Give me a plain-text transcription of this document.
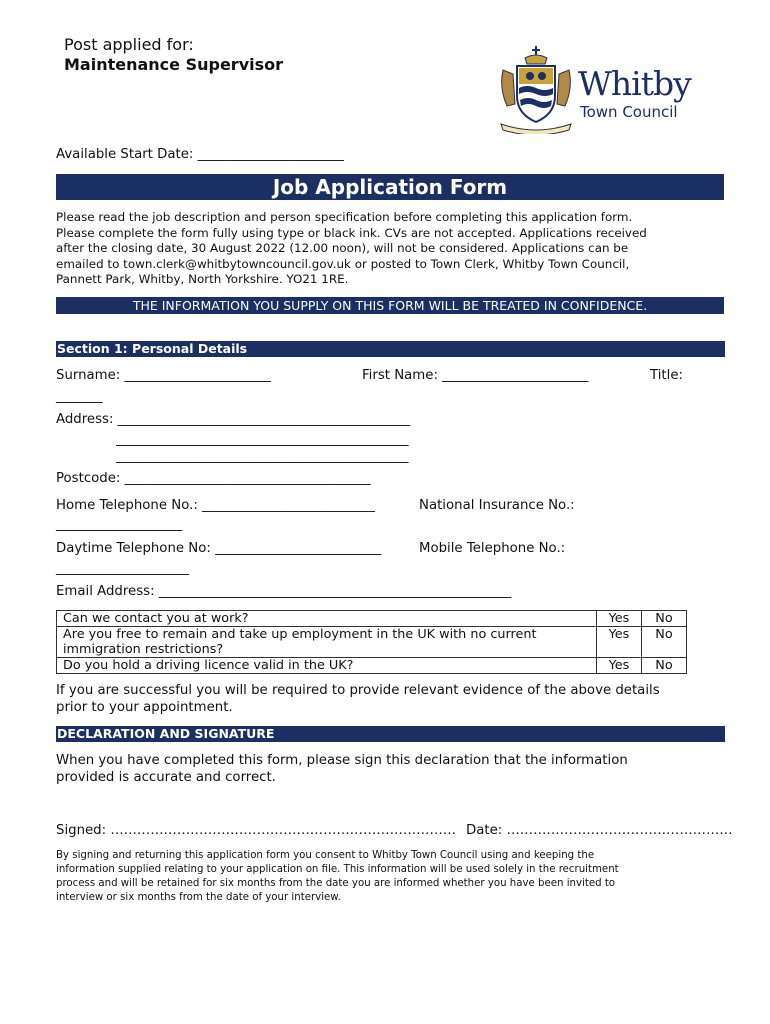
Post applied for:
Maintenance Supervisor	Whitby
Town Council
Available Start Date: ______________________
Job Application Form
Please read the job description and person specification before completing this application form.
Please complete the form fully using type or black ink. CVs are not accepted. Applications received
after the closing date, 30 August 2022 (12.00 noon), will not be considered. Applications can be
emailed to town.clerk@whitbytowncouncil.gov.uk or posted to Town Clerk, Whitby Town Council,
Pannett Park, Whitby, North Yorkshire. YO21 1RE.
THE INFORMATION YOU SUPPLY ON THIS FORM WILL BE TREATED IN CONFIDENCE.
Section 1: Personal Details
Surname: ______________________	First Name: ______________________	Title:
_______
Address: ____________________________________________
____________________________________________
____________________________________________
Postcode: _____________________________________
Home Telephone No.: __________________________	National Insurance No.:
___________________
Daytime Telephone No: _________________________	Mobile Telephone No.:
____________________
Email Address: _____________________________________________________
Can we contact you at work?	Yes	No
Are you free to remain and take up employment in the UK with no current immigration restrictions?	Yes	No
Do you hold a driving licence valid in the UK?	Yes	No
If you are successful you will be required to provide relevant evidence of the above details
prior to your appointment.
DECLARATION AND SIGNATURE
When you have completed this form, please sign this declaration that the information
provided is accurate and correct.
Signed: …………………………………………………………………… Date: ……………………………………………
By signing and returning this application form you consent to Whitby Town Council using and keeping the
information supplied relating to your application on file. This information will be used solely in the recruitment
process and will be retained for six months from the date you are informed whether you have been invited to
interview or six months from the date of your interview.
